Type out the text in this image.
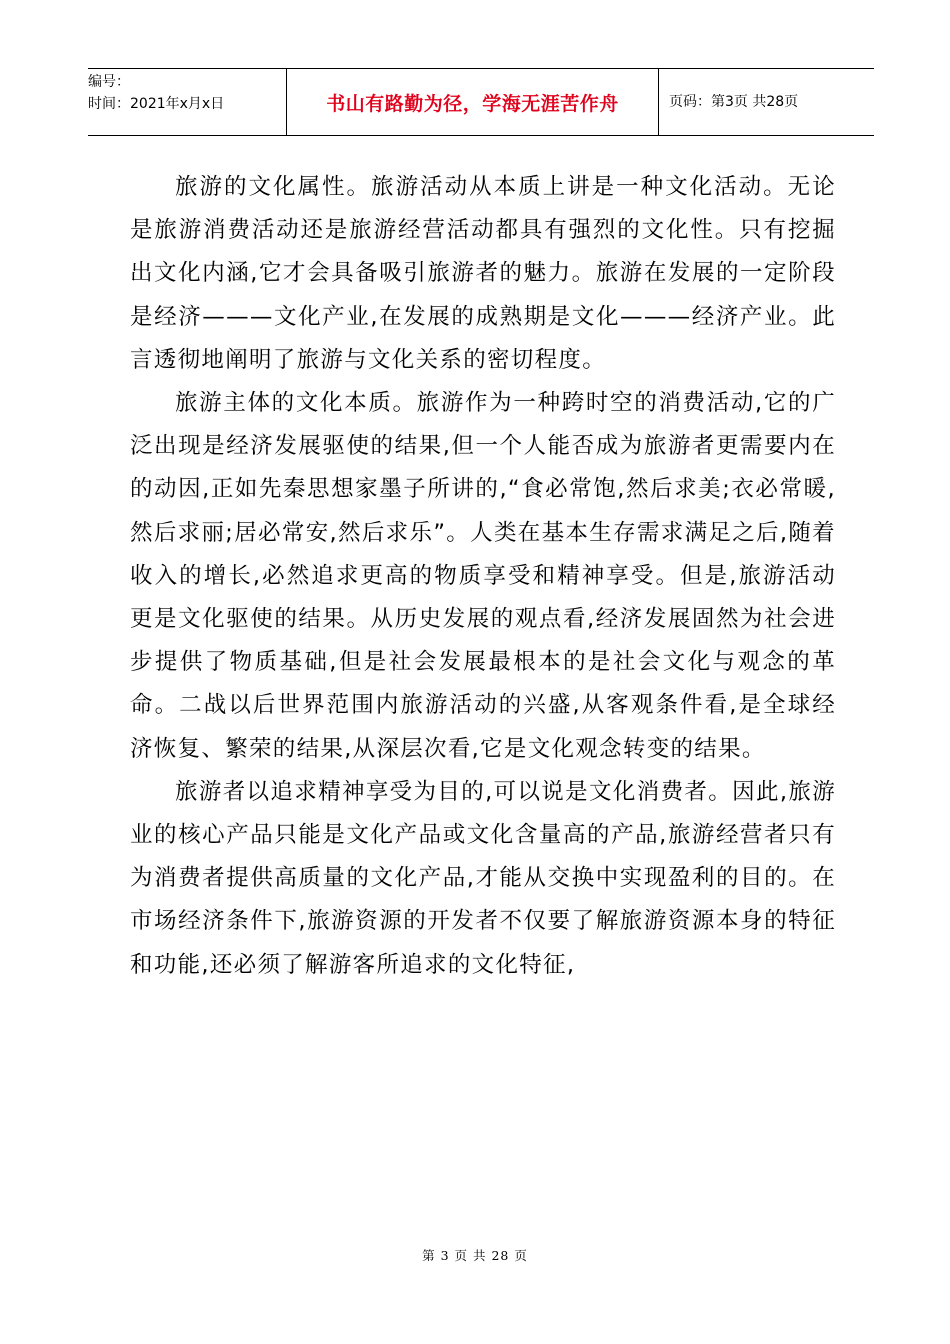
编号：
时间：2021年x月x日	书山有路勤为径，学海无涯苦作舟	页码：第3页 共28页

旅游的文化属性。旅游活动从本质上讲是一种文化活动。无论是旅游消费活动还是旅游经营活动都具有强烈的文化性。只有挖掘出文化内涵,它才会具备吸引旅游者的魅力。旅游在发展的一定阶段是经济———文化产业,在发展的成熟期是文化———经济产业。此言透彻地阐明了旅游与文化关系的密切程度。

旅游主体的文化本质。旅游作为一种跨时空的消费活动,它的广泛出现是经济发展驱使的结果,但一个人能否成为旅游者更需要内在的动因,正如先秦思想家墨子所讲的,“食必常饱,然后求美;衣必常暖,然后求丽;居必常安,然后求乐”。人类在基本生存需求满足之后,随着收入的增长,必然追求更高的物质享受和精神享受。但是,旅游活动更是文化驱使的结果。从历史发展的观点看,经济发展固然为社会进步提供了物质基础,但是社会发展最根本的是社会文化与观念的革命。二战以后世界范围内旅游活动的兴盛,从客观条件看,是全球经济恢复、繁荣的结果,从深层次看,它是文化观念转变的结果。

旅游者以追求精神享受为目的,可以说是文化消费者。因此,旅游业的核心产品只能是文化产品或文化含量高的产品,旅游经营者只有为消费者提供高质量的文化产品,才能从交换中实现盈利的目的。在市场经济条件下,旅游资源的开发者不仅要了解旅游资源本身的特征和功能,还必须了解游客所追求的文化特征,

第 3 页 共 28 页
